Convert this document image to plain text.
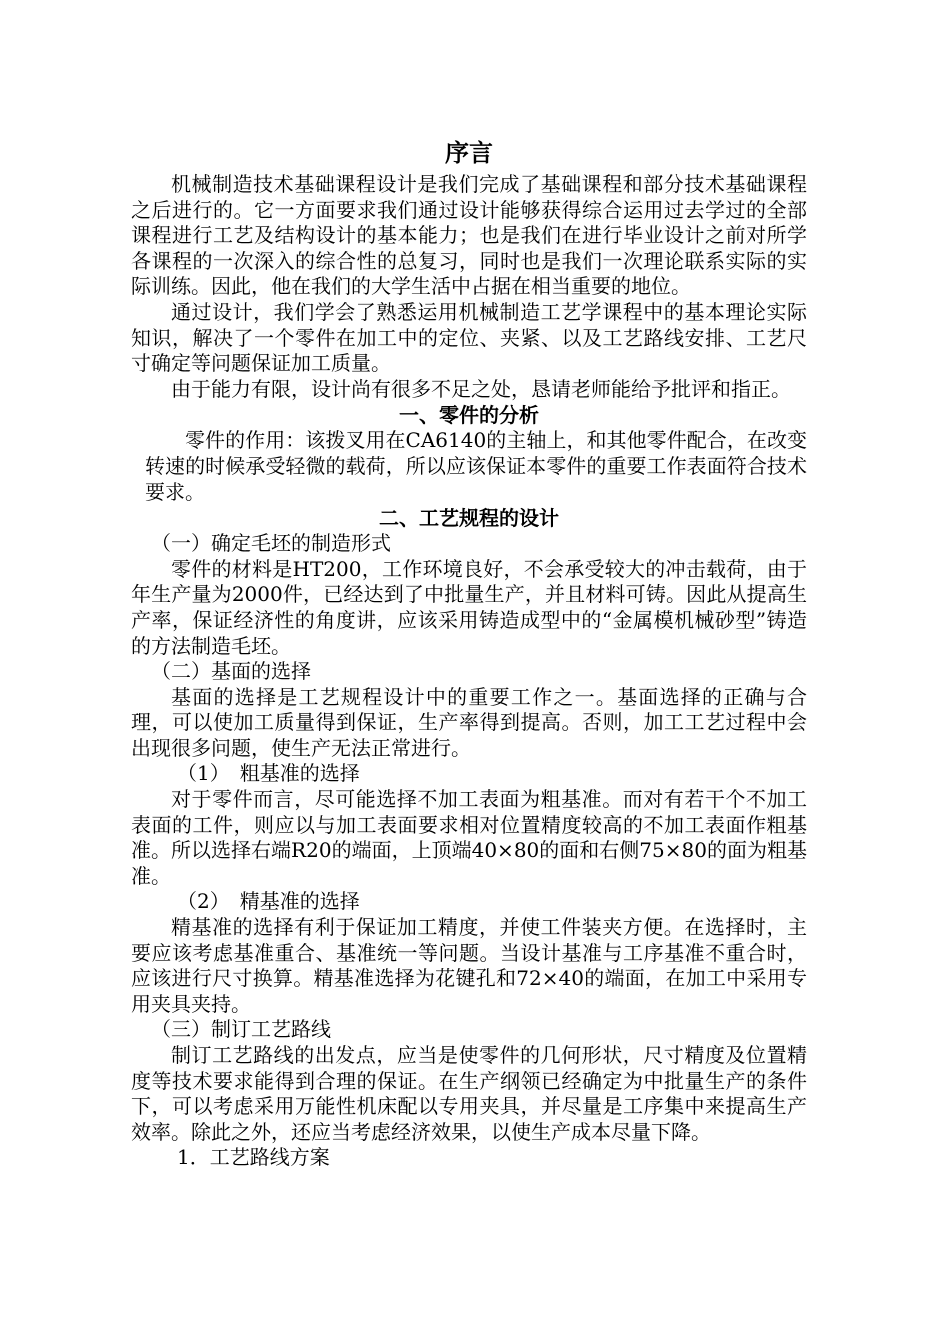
序言

机械制造技术基础课程设计是我们完成了基础课程和部分技术基础课程之后进行的。它一方面要求我们通过设计能够获得综合运用过去学过的全部课程进行工艺及结构设计的基本能力；也是我们在进行毕业设计之前对所学各课程的一次深入的综合性的总复习，同时也是我们一次理论联系实际的实际训练。因此，他在我们的大学生活中占据在相当重要的地位。

通过设计，我们学会了熟悉运用机械制造工艺学课程中的基本理论实际知识，解决了一个零件在加工中的定位、夹紧、以及工艺路线安排、工艺尺寸确定等问题保证加工质量。

由于能力有限，设计尚有很多不足之处，恳请老师能给予批评和指正。

一、零件的分析

零件的作用：该拨叉用在CA6140的主轴上，和其他零件配合，在改变转速的时候承受轻微的载荷，所以应该保证本零件的重要工作表面符合技术要求。

二、工艺规程的设计
（一）确定毛坯的制造形式

零件的材料是HT200，工作环境良好，不会承受较大的冲击载荷，由于年生产量为2000件，已经达到了中批量生产，并且材料可铸。因此从提高生产率，保证经济性的角度讲，应该采用铸造成型中的“金属模机械砂型”铸造的方法制造毛坯。

（二）基面的选择

基面的选择是工艺规程设计中的重要工作之一。基面选择的正确与合理，可以使加工质量得到保证，生产率得到提高。否则，加工工艺过程中会出现很多问题，使生产无法正常进行。

（1）　粗基准的选择

对于零件而言，尽可能选择不加工表面为粗基准。而对有若干个不加工表面的工件，则应以与加工表面要求相对位置精度较高的不加工表面作粗基准。所以选择右端R20的端面，上顶端40×80的面和右侧75×80的面为粗基准。

（2）　精基准的选择

精基准的选择有利于保证加工精度，并使工件装夹方便。在选择时，主要应该考虑基准重合、基准统一等问题。当设计基准与工序基准不重合时，应该进行尺寸换算。精基准选择为花键孔和72×40的端面，在加工中采用专用夹具夹持。

（三）制订工艺路线

制订工艺路线的出发点，应当是使零件的几何形状，尺寸精度及位置精度等技术要求能得到合理的保证。在生产纲领已经确定为中批量生产的条件下，可以考虑采用万能性机床配以专用夹具，并尽量是工序集中来提高生产效率。除此之外，还应当考虑经济效果，以使生产成本尽量下降。

1．工艺路线方案
